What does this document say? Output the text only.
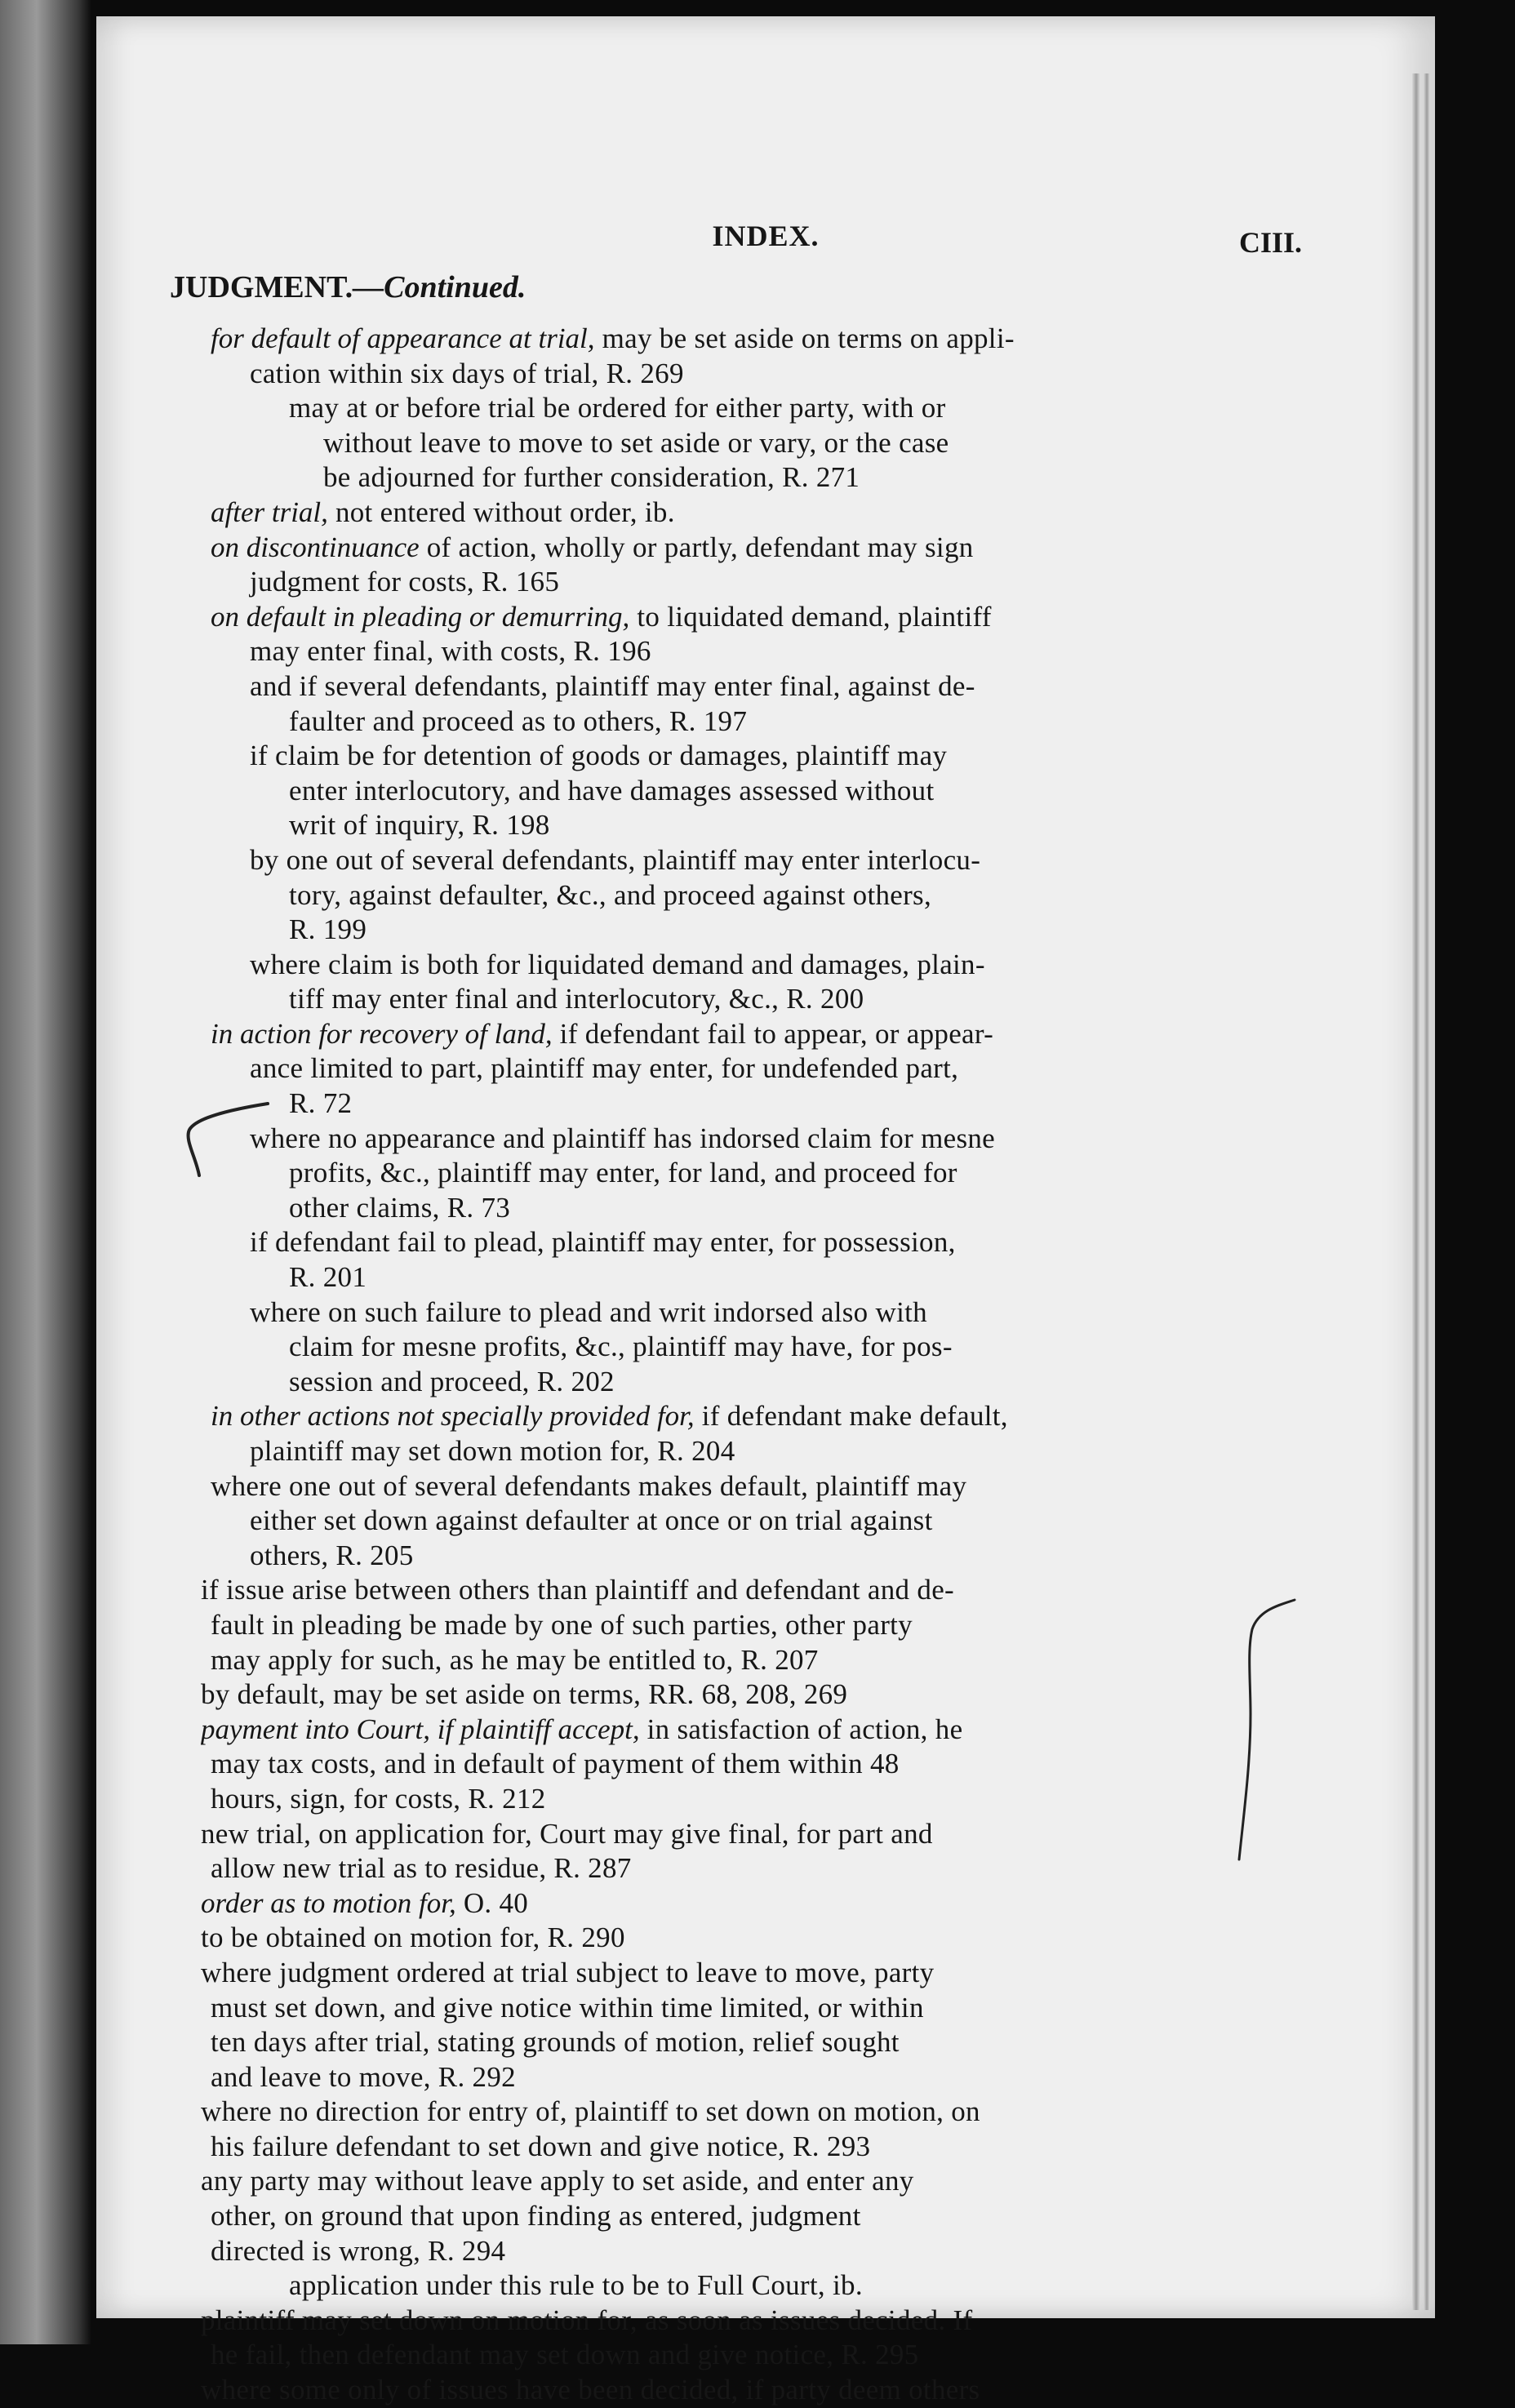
INDEX.	CIII.
JUDGMENT.—Continued.
for default of appearance at trial, may be set aside on terms on appli-
cation within six days of trial, R. 269
may at or before trial be ordered for either party, with or
without leave to move to set aside or vary, or the case
be adjourned for further consideration, R. 271
after trial, not entered without order, ib.
on discontinuance of action, wholly or partly, defendant may sign
judgment for costs, R. 165
on default in pleading or demurring, to liquidated demand, plaintiff
may enter final, with costs, R. 196
and if several defendants, plaintiff may enter final, against de-
faulter and proceed as to others, R. 197
if claim be for detention of goods or damages, plaintiff may
enter interlocutory, and have damages assessed without
writ of inquiry, R. 198
by one out of several defendants, plaintiff may enter interlocu-
tory, against defaulter, &c., and proceed against others,
R. 199
where claim is both for liquidated demand and damages, plain-
tiff may enter final and interlocutory, &c., R. 200
in action for recovery of land, if defendant fail to appear, or appear-
ance limited to part, plaintiff may enter, for undefended part,
R. 72
where no appearance and plaintiff has indorsed claim for mesne
profits, &c., plaintiff may enter, for land, and proceed for
other claims, R. 73
if defendant fail to plead, plaintiff may enter, for possession,
R. 201
where on such failure to plead and writ indorsed also with
claim for mesne profits, &c., plaintiff may have, for pos-
session and proceed, R. 202
in other actions not specially provided for, if defendant make default,
plaintiff may set down motion for, R. 204
where one out of several defendants makes default, plaintiff may
either set down against defaulter at once or on trial against
others, R. 205
if issue arise between others than plaintiff and defendant and de-
fault in pleading be made by one of such parties, other party
may apply for such, as he may be entitled to, R. 207
by default, may be set aside on terms, RR. 68, 208, 269
payment into Court, if plaintiff accept, in satisfaction of action, he
may tax costs, and in default of payment of them within 48
hours, sign, for costs, R. 212
new trial, on application for, Court may give final, for part and
allow new trial as to residue, R. 287
order as to motion for, O. 40
to be obtained on motion for, R. 290
where judgment ordered at trial subject to leave to move, party
must set down, and give notice within time limited, or within
ten days after trial, stating grounds of motion, relief sought
and leave to move, R. 292
where no direction for entry of, plaintiff to set down on motion, on
his failure defendant to set down and give notice, R. 293
any party may without leave apply to set aside, and enter any
other, on ground that upon finding as entered, judgment
directed is wrong, R. 294
application under this rule to be to Full Court, ib.
plaintiff may set down on motion for, as soon as issues decided. If
he fail, then defendant may set down and give notice, R. 295
where some only of issues have been decided, if party deem others
